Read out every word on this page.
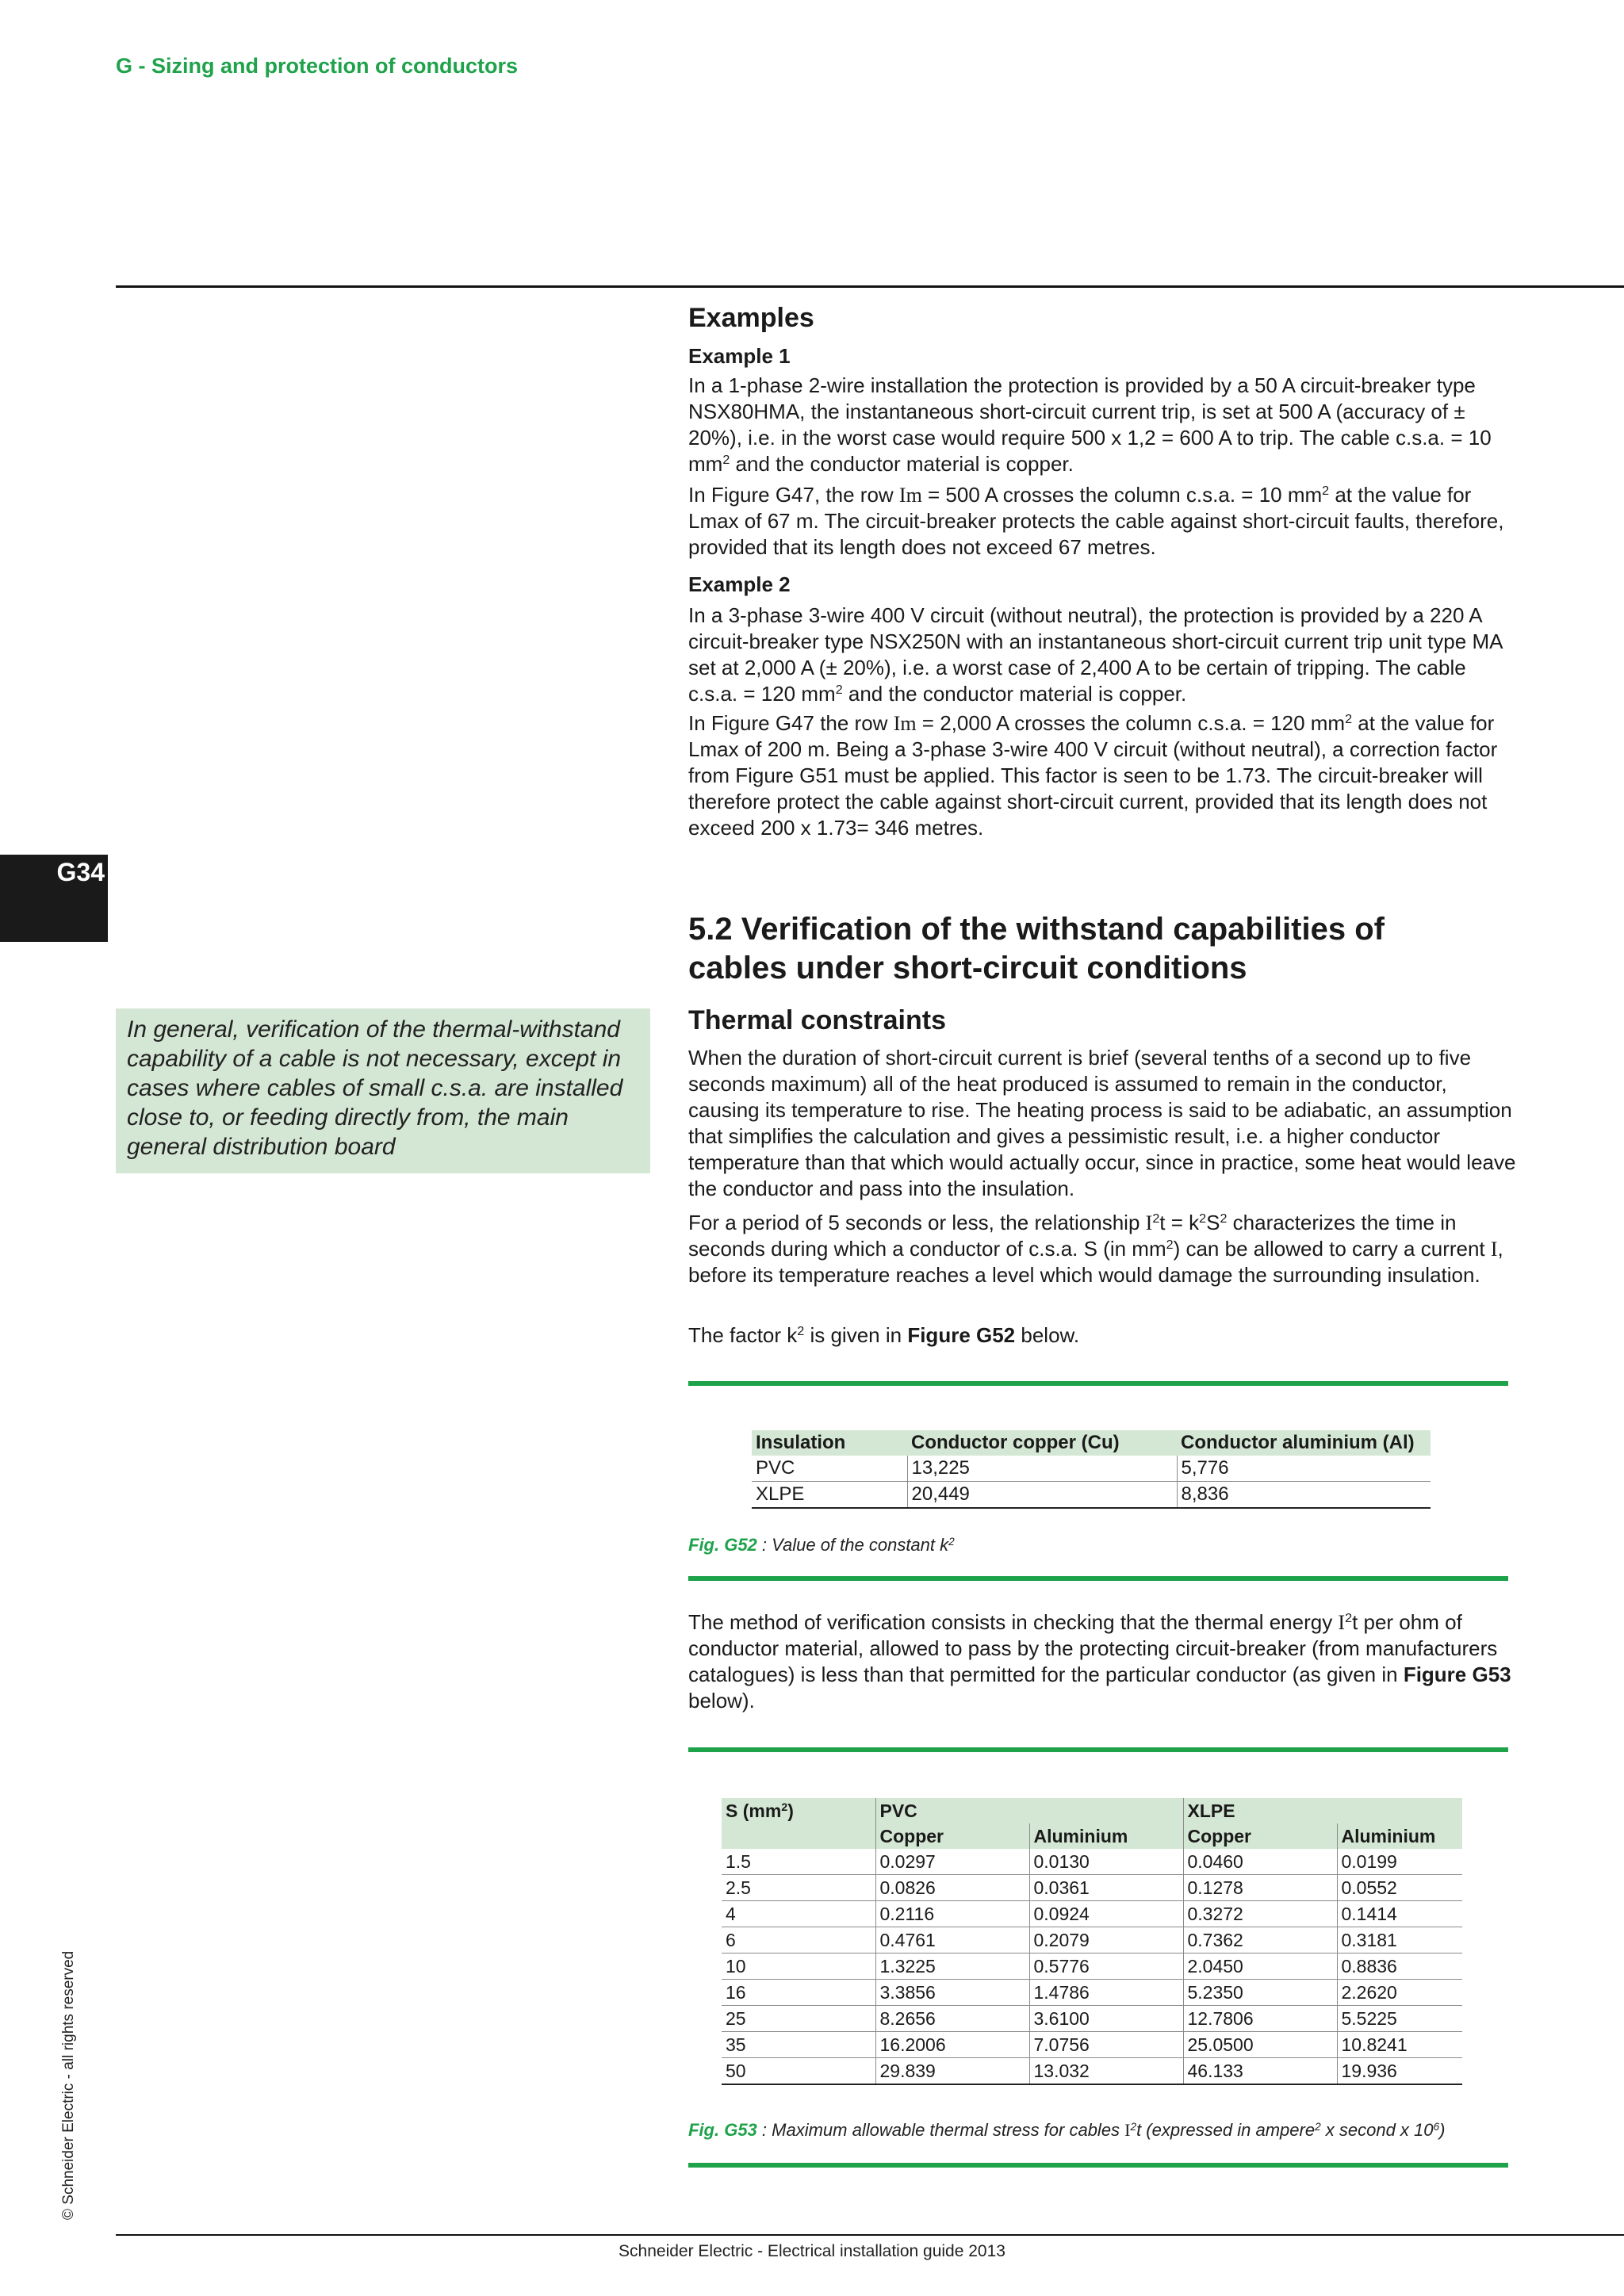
G - Sizing and protection of conductors
G34
© Schneider Electric - all rights reserved
Schneider Electric - Electrical installation guide 2013
In general, verification of the thermal-withstand capability of a cable is not necessary, except in cases where cables of small c.s.a. are installed close to, or feeding directly from, the main general distribution board
Examples
Example 1
In a 1-phase 2-wire installation the protection is provided by a 50 A circuit-breaker type NSX80HMA, the instantaneous short-circuit current trip, is set at 500 A (accuracy of ± 20%), i.e. in the worst case would require 500 x 1,2 = 600 A to trip. The cable c.s.a. = 10 $mm^2$ and the conductor material is copper.
In Figure G47, the row Im = 500 A crosses the column c.s.a. = 10 $mm^2$ at the value for Lmax of 67 m. The circuit-breaker protects the cable against short-circuit faults, therefore, provided that its length does not exceed 67 metres.
Example 2
In a 3-phase 3-wire 400 V circuit (without neutral), the protection is provided by a 220 A circuit-breaker type NSX250N with an instantaneous short-circuit current trip unit type MA set at 2,000 A (± 20%), i.e. a worst case of 2,400 A to be certain of tripping. The cable c.s.a. = 120 $mm^2$ and the conductor material is copper.
In Figure G47 the row Im = 2,000 A crosses the column c.s.a. = 120 $mm^2$ at the value for Lmax of 200 m. Being a 3-phase 3-wire 400 V circuit (without neutral), a correction factor from Figure G51 must be applied. This factor is seen to be 1.73. The circuit-breaker will therefore protect the cable against short-circuit current, provided that its length does not exceed 200 x 1.73= 346 metres.
5.2 Verification of the withstand capabilities of cables under short-circuit conditions
Thermal constraints
When the duration of short-circuit current is brief (several tenths of a second up to five seconds maximum) all of the heat produced is assumed to remain in the conductor, causing its temperature to rise. The heating process is said to be adiabatic, an assumption that simplifies the calculation and gives a pessimistic result, i.e. a higher conductor temperature than that which would actually occur, since in practice, some heat would leave the conductor and pass into the insulation.
For a period of 5 seconds or less, the relationship $I^2t = k^2S^2$ characterizes the time in seconds during which a conductor of c.s.a. S (in $mm^2$) can be allowed to carry a current I, before its temperature reaches a level which would damage the surrounding insulation.
The factor $k^2$ is given in Figure G52 below.
Insulation	Conductor copper (Cu)	Conductor aluminium (Al)
PVC	13,225	5,776
XLPE	20,449	8,836
Fig. G52 : Value of the constant $k^2$
The method of verification consists in checking that the thermal energy $I^2t$ per ohm of conductor material, allowed to pass by the protecting circuit-breaker (from manufacturers catalogues) is less than that permitted for the particular conductor (as given in Figure G53 below).
S $(mm^2)$	PVC		XLPE	
	Copper	Aluminium	Copper	Aluminium
1.5	0.0297	0.0130	0.0460	0.0199
2.5	0.0826	0.0361	0.1278	0.0552
4	0.2116	0.0924	0.3272	0.1414
6	0.4761	0.2079	0.7362	0.3181
10	1.3225	0.5776	2.0450	0.8836
16	3.3856	1.4786	5.2350	2.2620
25	8.2656	3.6100	12.7806	5.5225
35	16.2006	7.0756	25.0500	10.8241
50	29.839	13.032	46.133	19.936
Fig. G53 : Maximum allowable thermal stress for cables $I^2t$ (expressed in ampere$^2$ x second x $10^6$)
